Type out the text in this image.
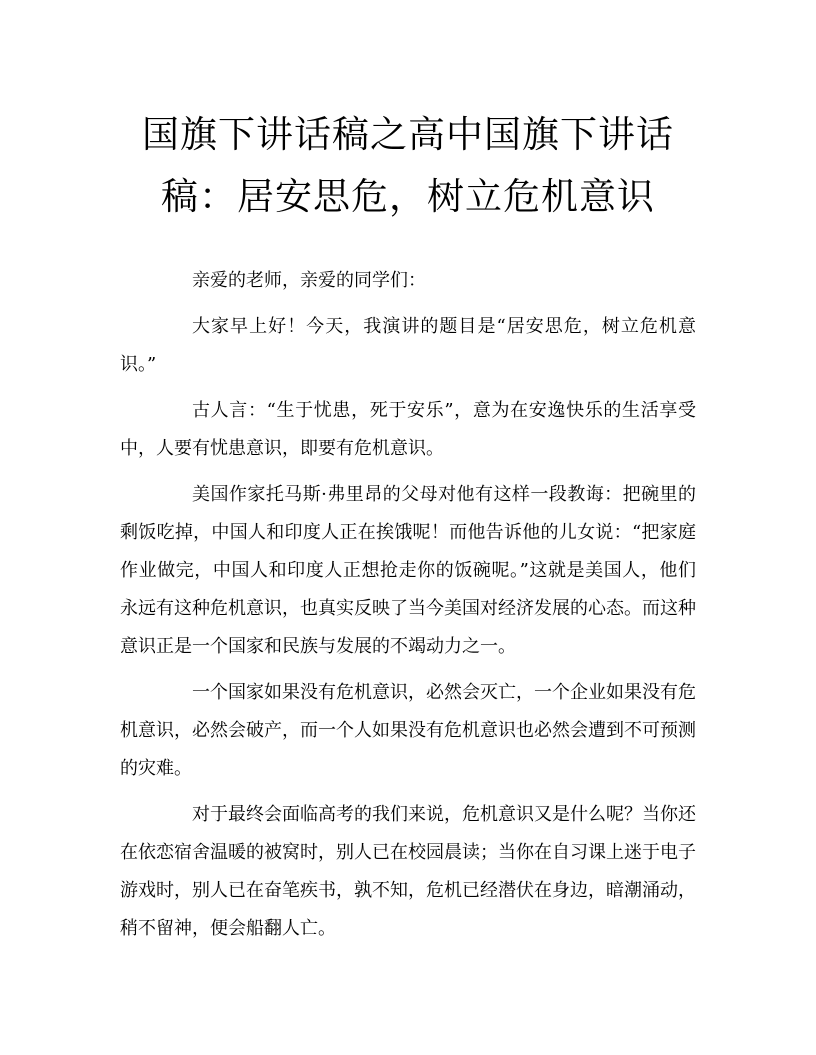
国旗下讲话稿之高中国旗下讲话稿：居安思危，树立危机意识

亲爱的老师，亲爱的同学们：

大家早上好！今天，我演讲的题目是“居安思危，树立危机意识。”

古人言：“生于忧患，死于安乐”，意为在安逸快乐的生活享受中，人要有忧患意识，即要有危机意识。

美国作家托马斯·弗里昂的父母对他有这样一段教诲：把碗里的剩饭吃掉，中国人和印度人正在挨饿呢！而他告诉他的儿女说：“把家庭作业做完，中国人和印度人正想抢走你的饭碗呢。”这就是美国人，他们永远有这种危机意识，也真实反映了当今美国对经济发展的心态。而这种意识正是一个国家和民族与发展的不竭动力之一。

一个国家如果没有危机意识，必然会灭亡，一个企业如果没有危机意识，必然会破产，而一个人如果没有危机意识也必然会遭到不可预测的灾难。

对于最终会面临高考的我们来说，危机意识又是什么呢？当你还在依恋宿舍温暖的被窝时，别人已在校园晨读；当你在自习课上迷于电子游戏时，别人已在奋笔疾书，孰不知，危机已经潜伏在身边，暗潮涌动，稍不留神，便会船翻人亡。
